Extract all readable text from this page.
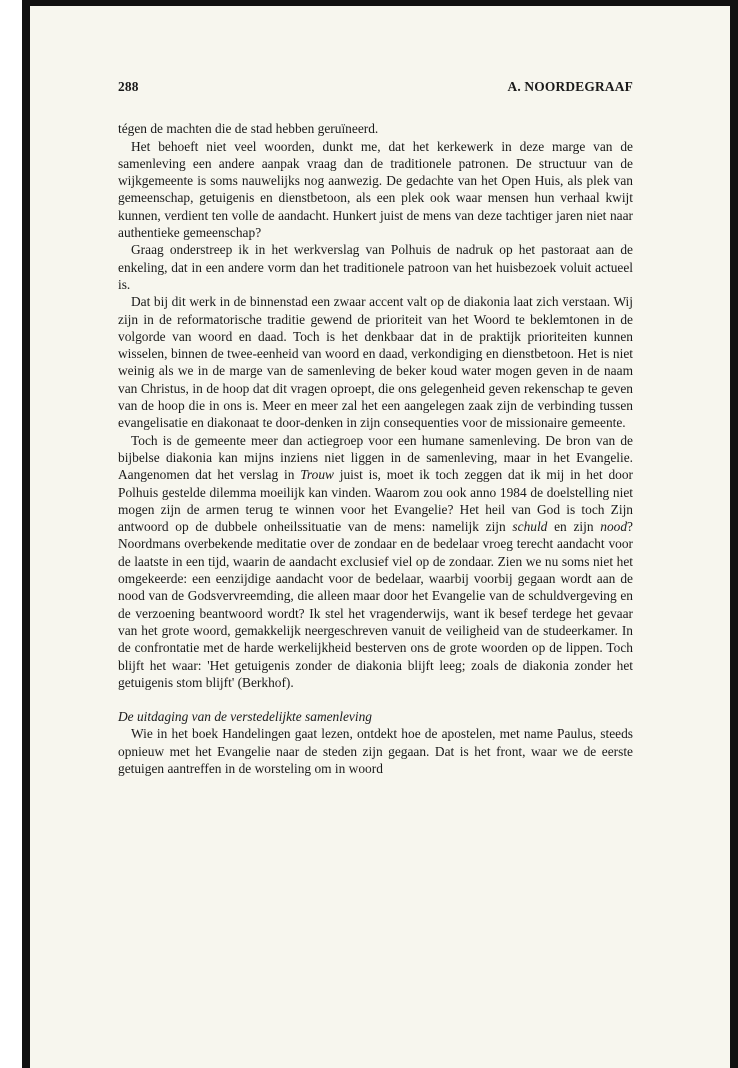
288	A. NOORDEGRAAF

tégen de machten die de stad hebben geruïneerd.

Het behoeft niet veel woorden, dunkt me, dat het kerkewerk in deze marge van de samenleving een andere aanpak vraag dan de traditionele patronen. De structuur van de wijkgemeente is soms nauwelijks nog aanwezig. De gedachte van het Open Huis, als plek van gemeenschap, getuigenis en dienstbetoon, als een plek ook waar mensen hun verhaal kwijt kunnen, verdient ten volle de aandacht. Hunkert juist de mens van deze tachtiger jaren niet naar authentieke gemeenschap?

Graag onderstreep ik in het werkverslag van Polhuis de nadruk op het pastoraat aan de enkeling, dat in een andere vorm dan het traditionele patroon van het huisbezoek voluit actueel is.

Dat bij dit werk in de binnenstad een zwaar accent valt op de diakonia laat zich verstaan. Wij zijn in de reformatorische traditie gewend de prioriteit van het Woord te beklemtonen in de volgorde van woord en daad. Toch is het denkbaar dat in de praktijk prioriteiten kunnen wisselen, binnen de twee-eenheid van woord en daad, verkondiging en dienstbetoon. Het is niet weinig als we in de marge van de samenleving de beker koud water mogen geven in de naam van Christus, in de hoop dat dit vragen oproept, die ons gelegenheid geven rekenschap te geven van de hoop die in ons is. Meer en meer zal het een aangelegen zaak zijn de verbinding tussen evangelisatie en diakonaat te door-denken in zijn consequenties voor de missionaire gemeente.

Toch is de gemeente meer dan actiegroep voor een humane samenleving. De bron van de bijbelse diakonia kan mijns inziens niet liggen in de samenleving, maar in het Evangelie. Aangenomen dat het verslag in Trouw juist is, moet ik toch zeggen dat ik mij in het door Polhuis gestelde dilemma moeilijk kan vinden. Waarom zou ook anno 1984 de doelstelling niet mogen zijn de armen terug te winnen voor het Evangelie? Het heil van God is toch Zijn antwoord op de dubbele onheilssituatie van de mens: namelijk zijn schuld en zijn nood? Noordmans overbekende meditatie over de zondaar en de bedelaar vroeg terecht aandacht voor de laatste in een tijd, waarin de aandacht exclusief viel op de zondaar. Zien we nu soms niet het omgekeerde: een eenzijdige aandacht voor de bedelaar, waarbij voorbij gegaan wordt aan de nood van de Godsvervreemding, die alleen maar door het Evangelie van de schuldvergeving en de verzoening beantwoord wordt? Ik stel het vragenderwijs, want ik besef terdege het gevaar van het grote woord, gemakkelijk neergeschreven vanuit de veiligheid van de studeerkamer. In de confrontatie met de harde werkelijkheid besterven ons de grote woorden op de lippen. Toch blijft het waar: 'Het getuigenis zonder de diakonia blijft leeg; zoals de diakonia zonder het getuigenis stom blijft' (Berkhof).

De uitdaging van de verstedelijkte samenleving

Wie in het boek Handelingen gaat lezen, ontdekt hoe de apostelen, met name Paulus, steeds opnieuw met het Evangelie naar de steden zijn gegaan. Dat is het front, waar we de eerste getuigen aantreffen in de worsteling om in woord
